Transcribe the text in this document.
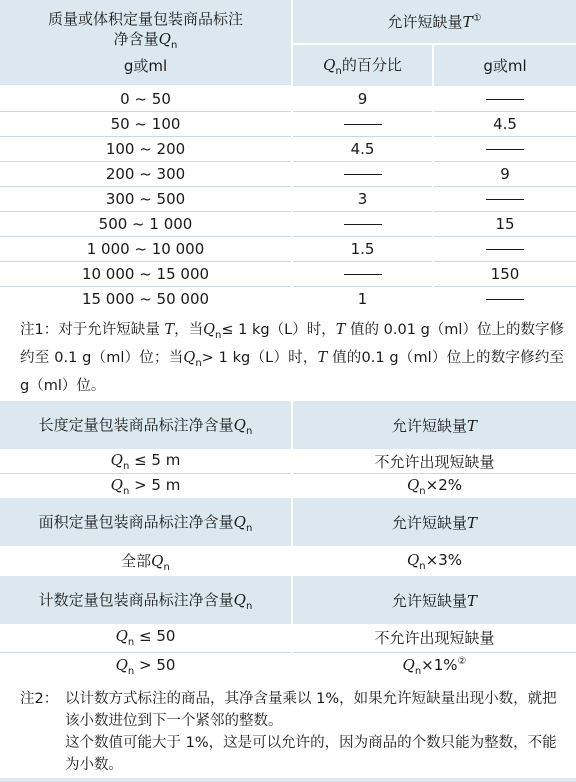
质量或体积定量包装商品标注
净含量$Q_n$
g或ml	允许短缺量T①
	$Q_n$的百分比	g或ml
0 ~ 50	9	
50 ~ 100		4.5
100 ~ 200	4.5	
200 ~ 300		9
300 ~ 500	3	
500 ~ 1 000		15
1 000 ~ 10 000	1.5	
10 000 ~ 15 000		150
15 000 ~ 50 000	1	
注1：对于允许短缺量 T，当$Q_n\le 1$ kg（L）时，T 值的 0.01 g（ml）位上的数字修约至 0.1 g（ml）位；当$Q_n> 1$ kg（L）时，T 值的0.1 g（ml）位上的数字修约至 g（ml）位。
长度定量包装商品标注净含量$Q_n$	允许短缺量T
$Q_n \le 5$ m	不允许出现短缺量
$Q_n > 5$ m	$Q_n\times 2\%$
面积定量包装商品标注净含量$Q_n$	允许短缺量T
全部$Q_n$	$Q_n\times 3\%$
计数定量包装商品标注净含量$Q_n$	允许短缺量T
$Q_n \le 50$	不允许出现短缺量
$Q_n > 50$	$Q_n\times 1\%^②$
注2： 以计数方式标注的商品，其净含量乘以 1%，如果允许短缺量出现小数，就把该小数进位到下一个紧邻的整数。
这个数值可能大于 1%，这是可以允许的，因为商品的个数只能为整数，不能为小数。
